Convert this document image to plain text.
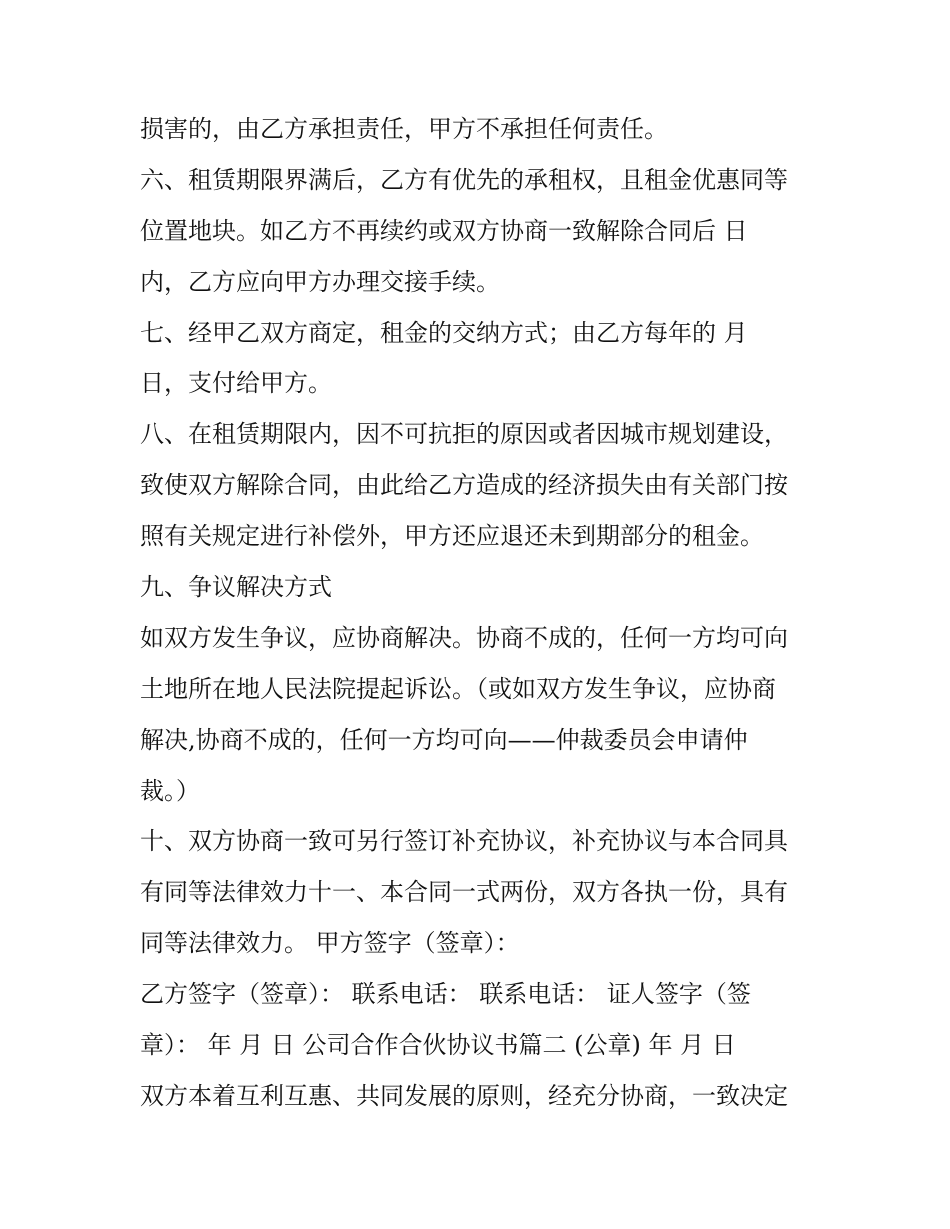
损害的，由乙方承担责任，甲方不承担任何责任。
六、租赁期限界满后，乙方有优先的承租权，且租金优惠同等
位置地块。如乙方不再续约或双方协商一致解除合同后 日
内，乙方应向甲方办理交接手续。
七、经甲乙双方商定，租金的交纳方式；由乙方每年的 月
日，支付给甲方。
八、在租赁期限内，因不可抗拒的原因或者因城市规划建设，
致使双方解除合同，由此给乙方造成的经济损失由有关部门按
照有关规定进行补偿外，甲方还应退还未到期部分的租金。
九、争议解决方式
如双方发生争议，应协商解决。协商不成的，任何一方均可向
土地所在地人民法院提起诉讼。（或如双方发生争议，应协商
解决,协商不成的，任何一方均可向——仲裁委员会申请仲
裁。）
十、双方协商一致可另行签订补充协议，补充协议与本合同具
有同等法律效力十一、本合同一式两份，双方各执一份，具有
同等法律效力。 甲方签字（签章）：
乙方签字（签章）： 联系电话： 联系电话： 证人签字（签
章）： 年 月 日 公司合作合伙协议书篇二 (公章) 年 月 日
双方本着互利互惠、共同发展的原则，经充分协商，一致决定
